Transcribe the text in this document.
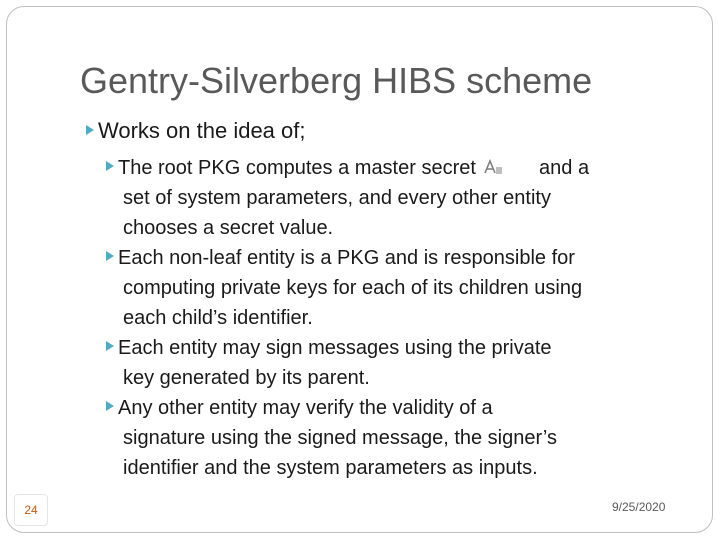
Gentry-Silverberg HIBS scheme
Works on the idea of;

The root PKG computes a master secret	and a

set of system parameters, and every other entity

chooses a secret value.

Each non-leaf entity is a PKG and is responsible for

computing private keys for each of its children using

each child’s identifier.

Each entity may sign messages using the private

key generated by its parent.

Any other entity may verify the validity of a

signature using the signed message, the signer’s

identifier and the system parameters as inputs.

24	9/25/2020
